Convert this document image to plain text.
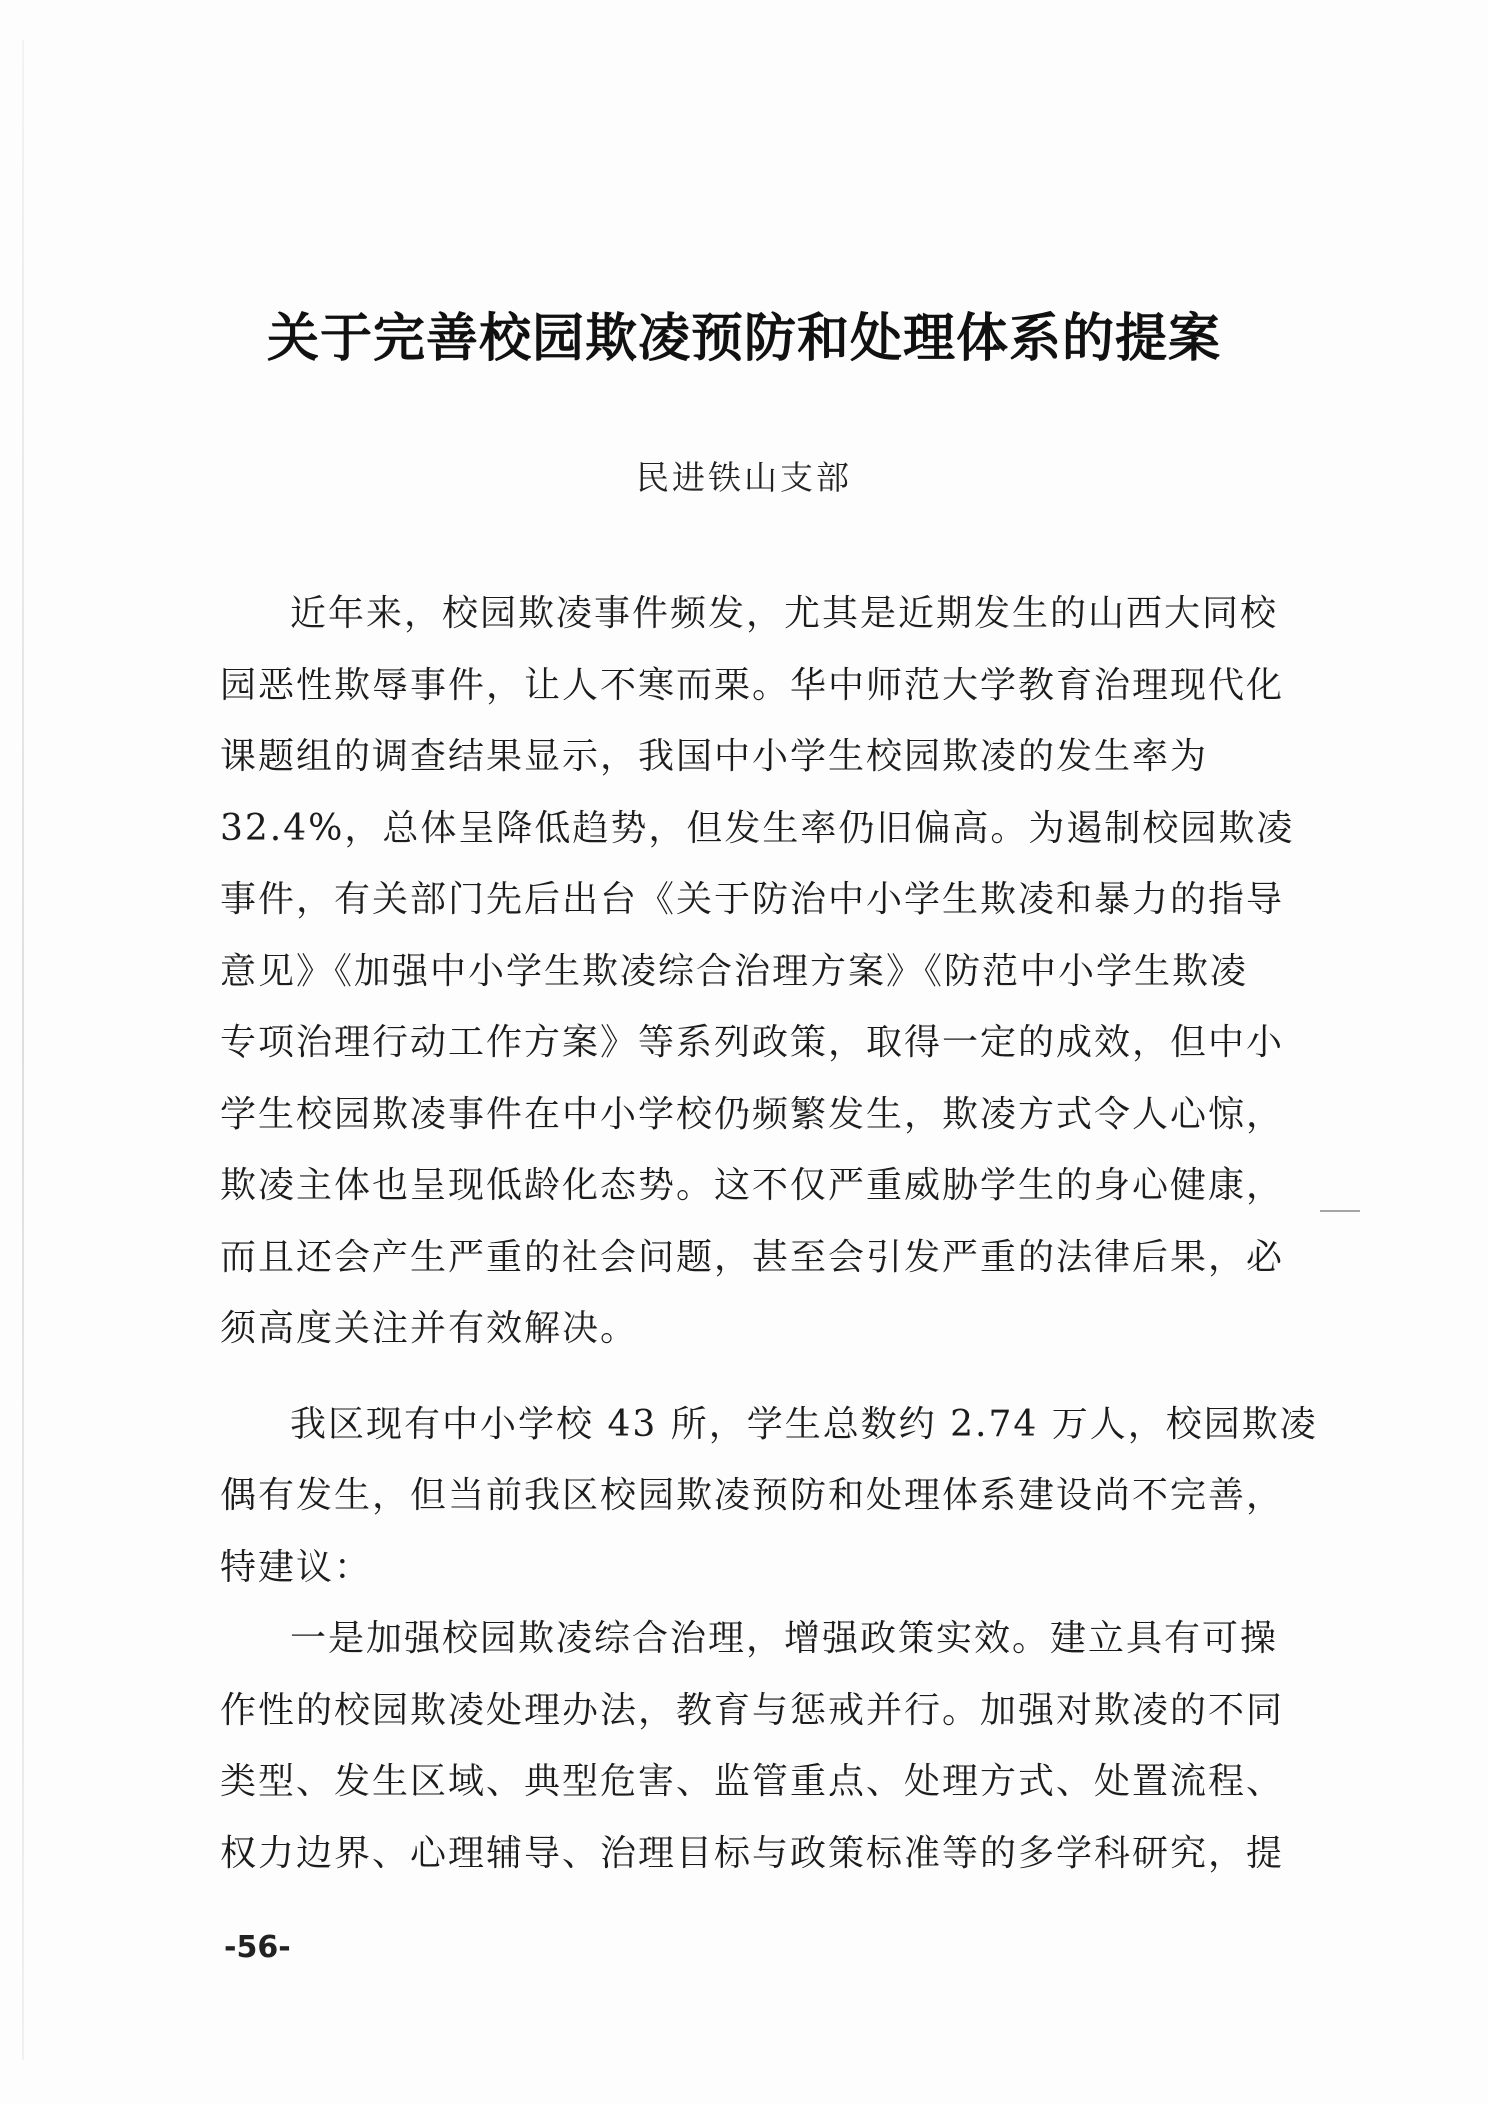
关于完善校园欺凌预防和处理体系的提案

民进铁山支部

近年来，校园欺凌事件频发，尤其是近期发生的山西大同校
园恶性欺辱事件，让人不寒而栗。华中师范大学教育治理现代化
课题组的调查结果显示，我国中小学生校园欺凌的发生率为
32.4%，总体呈降低趋势，但发生率仍旧偏高。为遏制校园欺凌
事件，有关部门先后出台《关于防治中小学生欺凌和暴力的指导
意见》《加强中小学生欺凌综合治理方案》《防范中小学生欺凌
专项治理行动工作方案》等系列政策，取得一定的成效，但中小
学生校园欺凌事件在中小学校仍频繁发生，欺凌方式令人心惊，
欺凌主体也呈现低龄化态势。这不仅严重威胁学生的身心健康，
而且还会产生严重的社会问题，甚至会引发严重的法律后果，必
须高度关注并有效解决。
我区现有中小学校 43 所，学生总数约 2.74 万人，校园欺凌
偶有发生，但当前我区校园欺凌预防和处理体系建设尚不完善，
特建议：
一是加强校园欺凌综合治理，增强政策实效。建立具有可操
作性的校园欺凌处理办法，教育与惩戒并行。加强对欺凌的不同
类型、发生区域、典型危害、监管重点、处理方式、处置流程、
权力边界、心理辅导、治理目标与政策标准等的多学科研究，提

-56-
